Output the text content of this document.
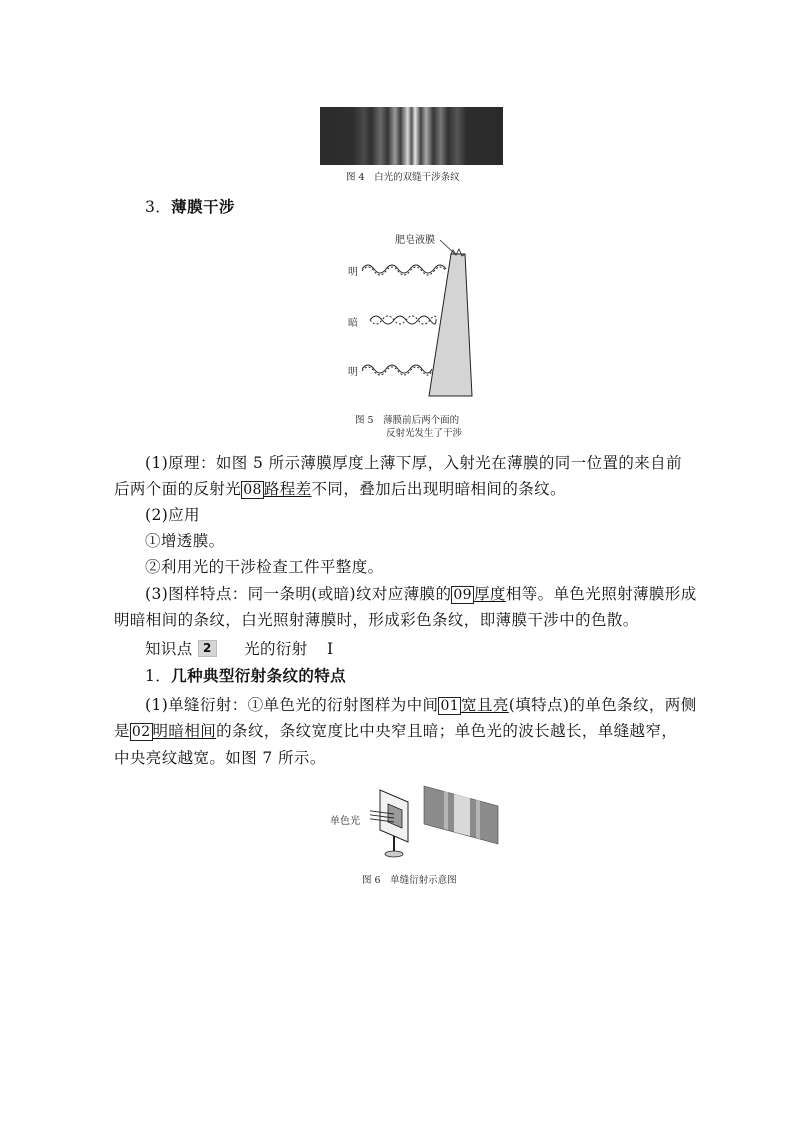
图 4　白光的双缝干涉条纹
3．薄膜干涉
肥皂液膜
明
暗
明
图 5　薄膜前后两个面的
反射光发生了干涉
(1)原理：如图 5 所示薄膜厚度上薄下厚，入射光在薄膜的同一位置的来自前
后两个面的反射光 08 路程差不同，叠加后出现明暗相间的条纹。
(2)应用
①增透膜。
②利用光的干涉检查工件平整度。
(3)图样特点：同一条明(或暗)纹对应薄膜的 09 厚度相等。单色光照射薄膜形成
明暗相间的条纹，白光照射薄膜时，形成彩色条纹，即薄膜干涉中的色散。
知识点 2 光的衍射 Ⅰ
1．几种典型衍射条纹的特点
(1)单缝衍射：①单色光的衍射图样为中间 01 宽且亮(填特点)的单色条纹，两侧
是 02 明暗相间的条纹，条纹宽度比中央窄且暗；单色光的波长越长，单缝越窄，
中央亮纹越宽。如图 7 所示。
单色光
图 6　单缝衍射示意图
